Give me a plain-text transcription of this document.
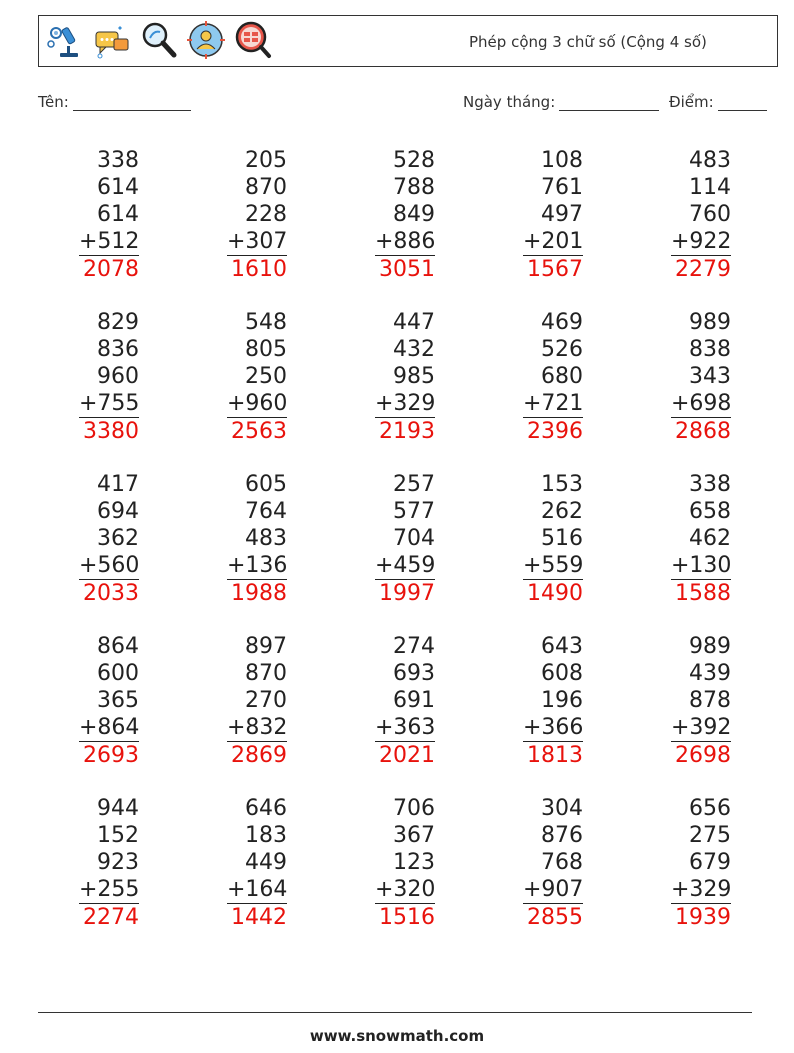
Phép cộng 3 chữ số (Cộng 4 số)
Tên:	Ngày tháng:	Điểm:
338
614
614
+512
2078
205
870
228
+307
1610
528
788
849
+886
3051
108
761
497
+201
1567
483
114
760
+922
2279
829
836
960
+755
3380
548
805
250
+960
2563
447
432
985
+329
2193
469
526
680
+721
2396
989
838
343
+698
2868
417
694
362
+560
2033
605
764
483
+136
1988
257
577
704
+459
1997
153
262
516
+559
1490
338
658
462
+130
1588
864
600
365
+864
2693
897
870
270
+832
2869
274
693
691
+363
2021
643
608
196
+366
1813
989
439
878
+392
2698
944
152
923
+255
2274
646
183
449
+164
1442
706
367
123
+320
1516
304
876
768
+907
2855
656
275
679
+329
1939
www.snowmath.com
